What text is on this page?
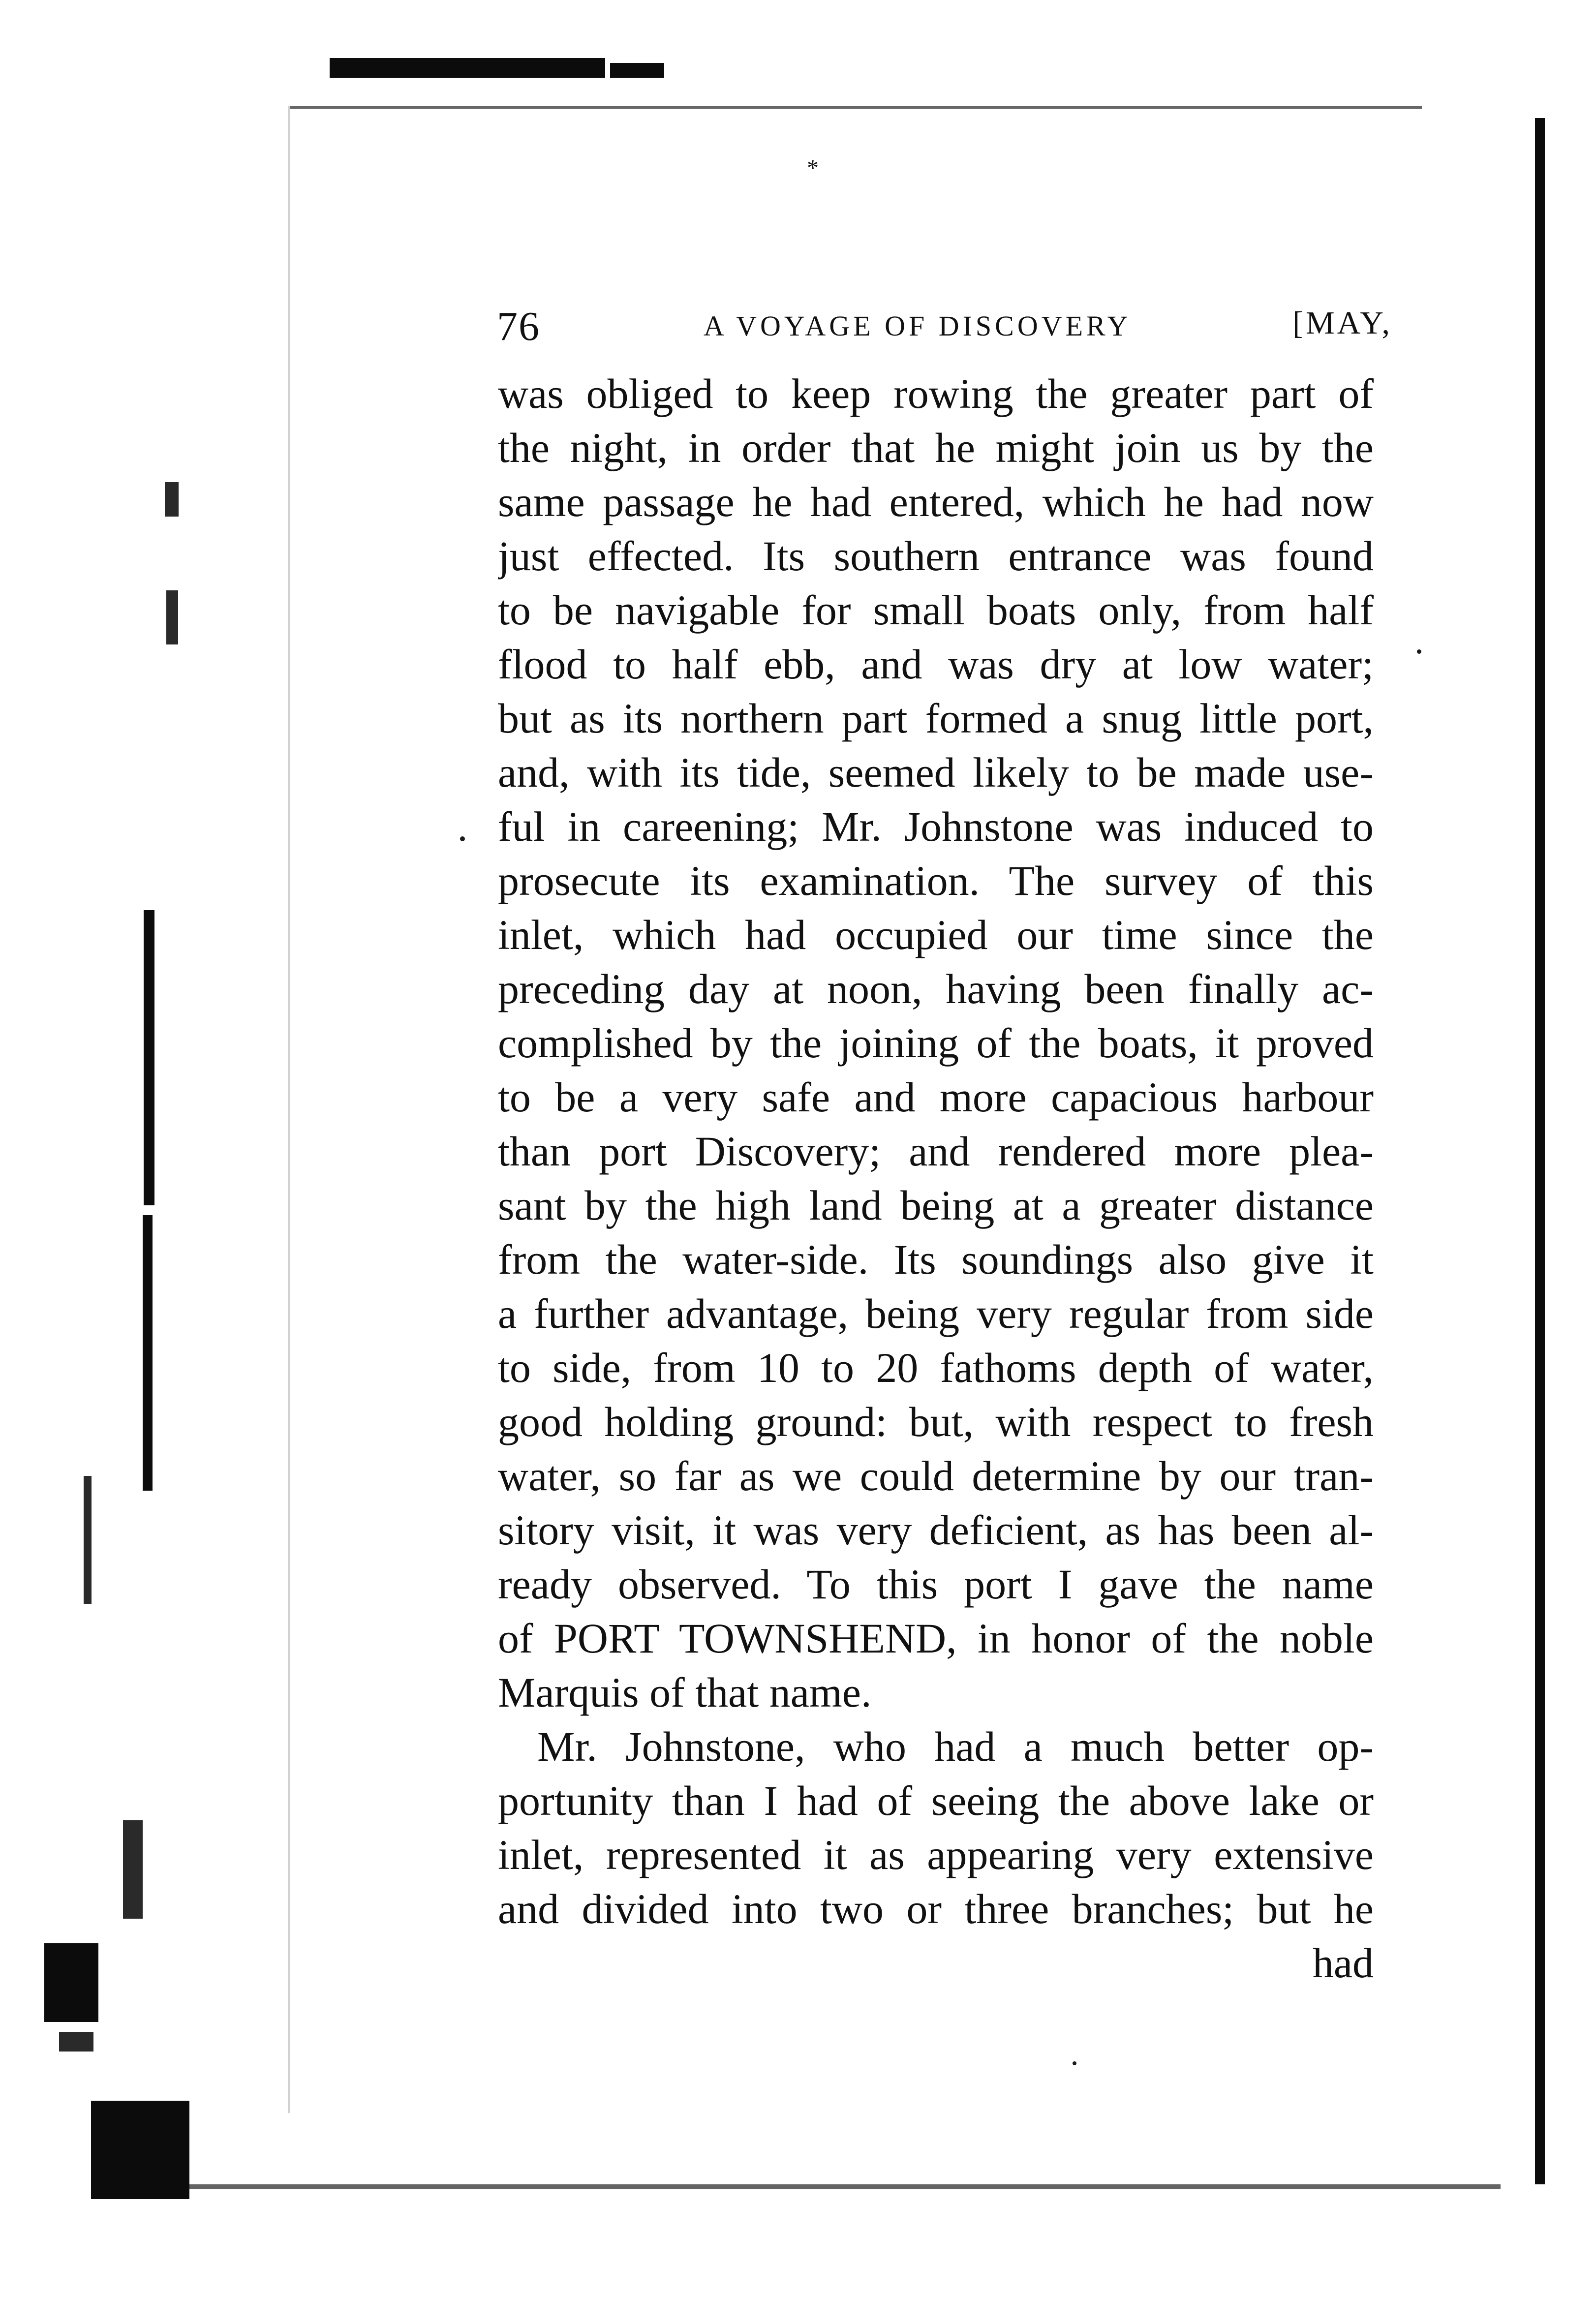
*
76	A VOYAGE OF DISCOVERY	[MAY,
was obliged to keep rowing the greater part of
the night, in order that he might join us by the
same passage he had entered, which he had now
just effected. Its southern entrance was found
to be navigable for small boats only, from half
flood to half ebb, and was dry at low water;
but as its northern part formed a snug little port,
and, with its tide, seemed likely to be made use-
ful in careening; Mr. Johnstone was induced to
prosecute its examination. The survey of this
inlet, which had occupied our time since the
preceding day at noon, having been finally ac-
complished by the joining of the boats, it proved
to be a very safe and more capacious harbour
than port Discovery; and rendered more plea-
sant by the high land being at a greater distance
from the water-side. Its soundings also give it
a further advantage, being very regular from side
to side, from 10 to 20 fathoms depth of water,
good holding ground: but, with respect to fresh
water, so far as we could determine by our tran-
sitory visit, it was very deficient, as has been al-
ready observed. To this port I gave the name
of PORT TOWNSHEND, in honor of the noble
Marquis of that name.
Mr. Johnstone, who had a much better op-
portunity than I had of seeing the above lake or
inlet, represented it as appearing very extensive
and divided into two or three branches; but he
had
